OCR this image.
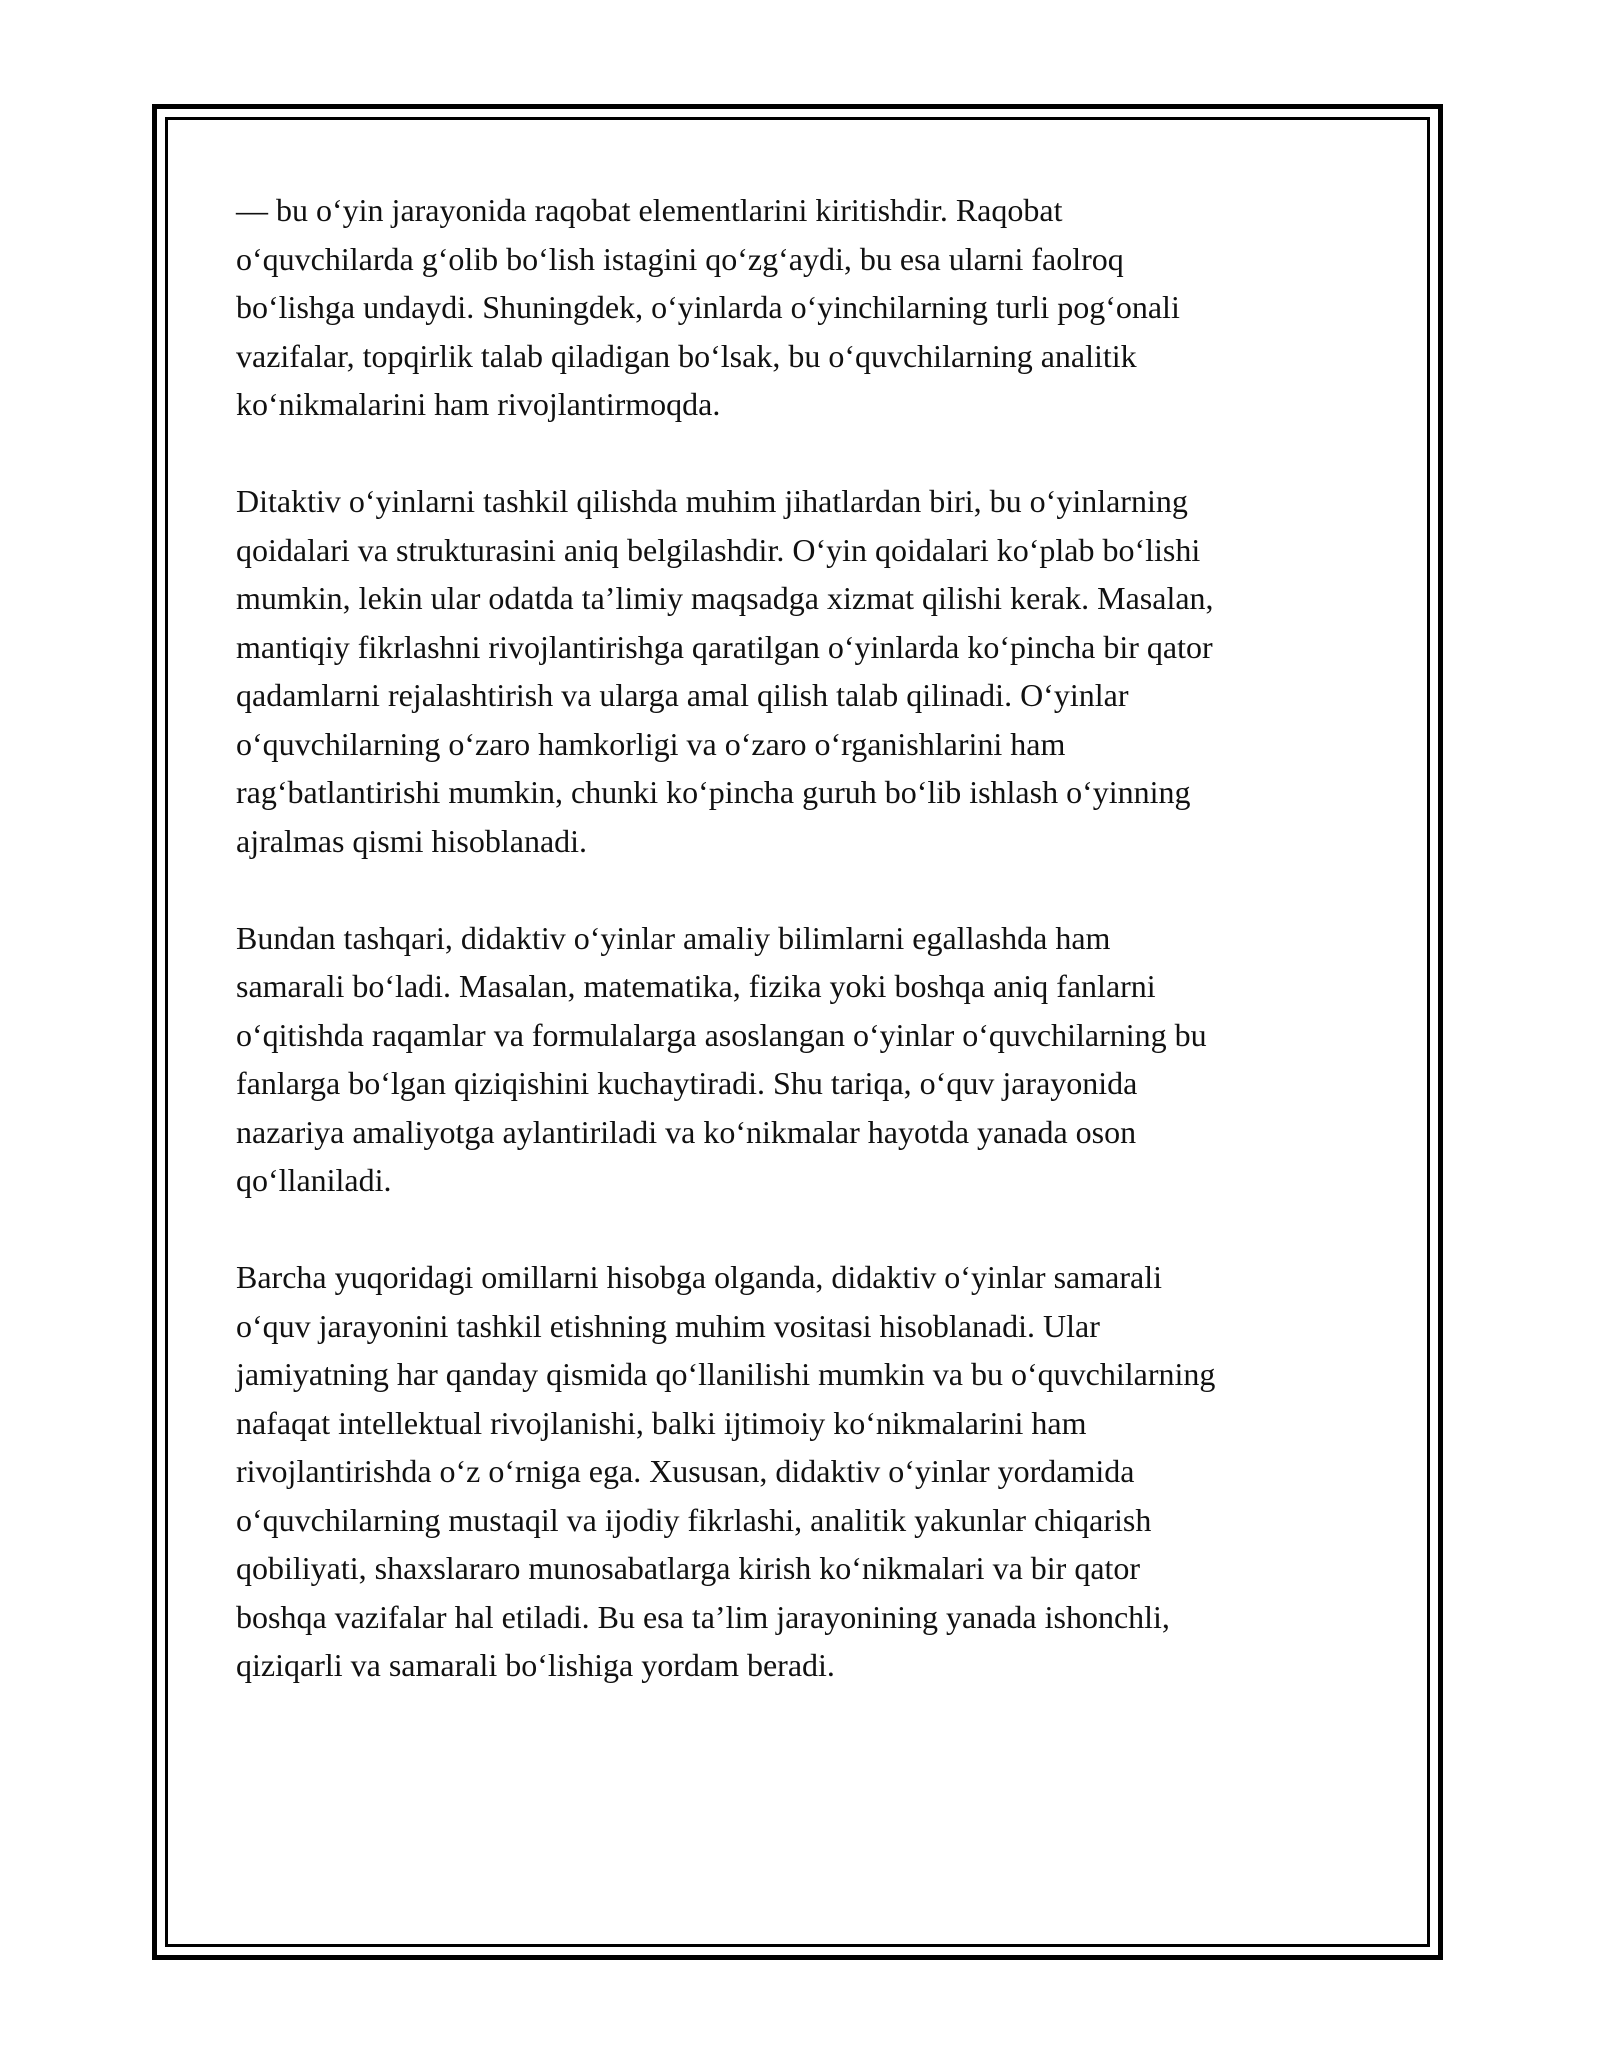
— bu o‘yin jarayonida raqobat elementlarini kiritishdir. Raqobat
o‘quvchilarda g‘olib bo‘lish istagini qo‘zg‘aydi, bu esa ularni faolroq
bo‘lishga undaydi. Shuningdek, o‘yinlarda o‘yinchilarning turli pog‘onali
vazifalar, topqirlik talab qiladigan bo‘lsak, bu o‘quvchilarning analitik
ko‘nikmalarini ham rivojlantirmoqda.

Ditaktiv o‘yinlarni tashkil qilishda muhim jihatlardan biri, bu o‘yinlarning
qoidalari va strukturasini aniq belgilashdir. O‘yin qoidalari ko‘plab bo‘lishi
mumkin, lekin ular odatda ta’limiy maqsadga xizmat qilishi kerak. Masalan,
mantiqiy fikrlashni rivojlantirishga qaratilgan o‘yinlarda ko‘pincha bir qator
qadamlarni rejalashtirish va ularga amal qilish talab qilinadi. O‘yinlar
o‘quvchilarning o‘zaro hamkorligi va o‘zaro o‘rganishlarini ham
rag‘batlantirishi mumkin, chunki ko‘pincha guruh bo‘lib ishlash o‘yinning
ajralmas qismi hisoblanadi.

Bundan tashqari, didaktiv o‘yinlar amaliy bilimlarni egallashda ham
samarali bo‘ladi. Masalan, matematika, fizika yoki boshqa aniq fanlarni
o‘qitishda raqamlar va formulalarga asoslangan o‘yinlar o‘quvchilarning bu
fanlarga bo‘lgan qiziqishini kuchaytiradi. Shu tariqa, o‘quv jarayonida
nazariya amaliyotga aylantiriladi va ko‘nikmalar hayotda yanada oson
qo‘llaniladi.

Barcha yuqoridagi omillarni hisobga olganda, didaktiv o‘yinlar samarali
o‘quv jarayonini tashkil etishning muhim vositasi hisoblanadi. Ular
jamiyatning har qanday qismida qo‘llanilishi mumkin va bu o‘quvchilarning
nafaqat intellektual rivojlanishi, balki ijtimoiy ko‘nikmalarini ham
rivojlantirishda o‘z o‘rniga ega. Xususan, didaktiv o‘yinlar yordamida
o‘quvchilarning mustaqil va ijodiy fikrlashi, analitik yakunlar chiqarish
qobiliyati, shaxslararo munosabatlarga kirish ko‘nikmalari va bir qator
boshqa vazifalar hal etiladi. Bu esa ta’lim jarayonining yanada ishonchli,
qiziqarli va samarali bo‘lishiga yordam beradi.
